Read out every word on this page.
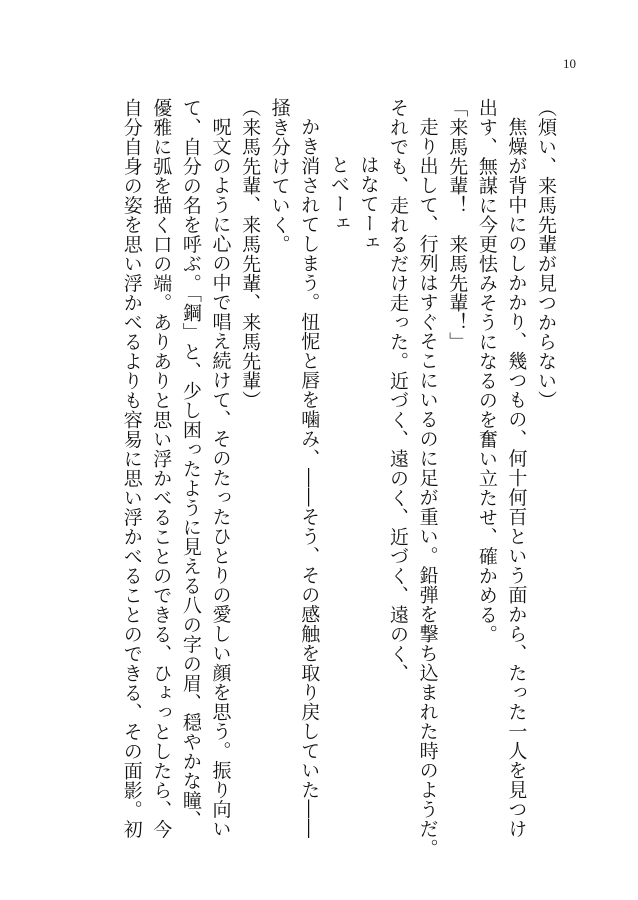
10
（煩い、来馬先輩が見つからない）
焦燥が背中にのしかかり、幾つもの、何十何百という面から、たった一人を見つけ
出す、無謀に今更怯みそうになるのを奮い立たせ、確かめる。
「来馬先輩！　来馬先輩！」
走り出して、行列はすぐそこにいるのに足が重い。鉛弾を撃ち込まれた時のようだ。
それでも、走れるだけ走った。近づく、遠のく、近づく、遠のく、
はなてーェ
とべーェ
かき消されてしまう。忸怩と唇を噛み、――そう、その感触を取り戻していた――
掻き分けていく。
（来馬先輩、来馬先輩、来馬先輩）
呪文のように心の中で唱え続けて、そのたったひとりの愛しい顔を思う。振り向い
て、自分の名を呼ぶ。「鋼」と、少し困ったように見える八の字の眉、穏やかな瞳、
優雅に弧を描く口の端。ありありと思い浮かべることのできる、ひょっとしたら、今
自分自身の姿を思い浮かべるよりも容易に思い浮かべることのできる、その面影。初
